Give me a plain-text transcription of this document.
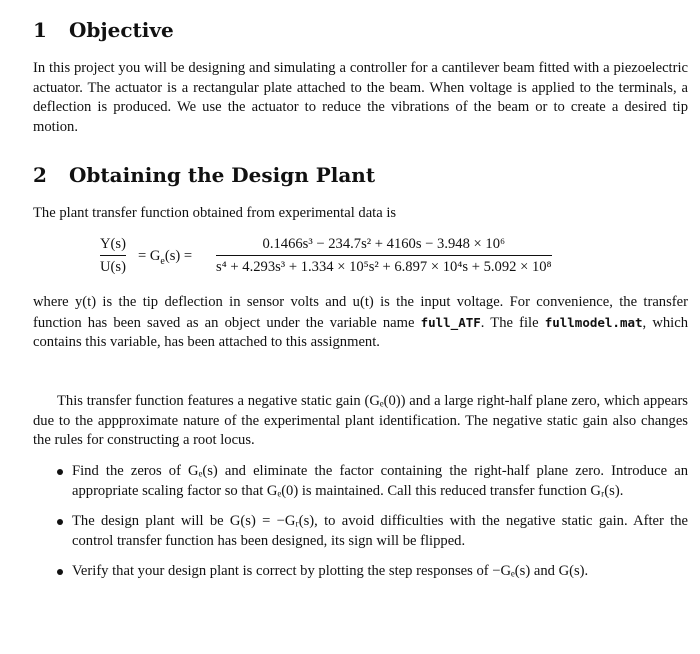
1 Objective

In this project you will be designing and simulating a controller for a cantilever beam fitted with a piezoelectric actuator. The actuator is a rectangular plate attached to the beam. When voltage is applied to the terminals, a deflection is produced. We use the actuator to reduce the vibrations of the beam or to create a desired tip motion.

2 Obtaining the Design Plant

The plant transfer function obtained from experimental data is

Y(s)
U(s)
= $G_e(s)$ =
0.1466s³ − 234.7s² + 4160s − 3.948 × 10⁶
s⁴ + 4.293s³ + 1.334 × 10⁵s² + 6.897 × 10⁴s + 5.092 × 10⁸

where y(t) is the tip deflection in sensor volts and u(t) is the input voltage. For convenience, the transfer function has been saved as an object under the variable name full_ATF. The file fullmodel.mat, which contains this variable, has been attached to this assignment.

This transfer function features a negative static gain (Gₑ(0)) and a large right-half plane zero, which appears due to the appproximate nature of the experimental plant identification. The negative static gain also changes the rules for constructing a root locus.

Find the zeros of Gₑ(s) and eliminate the factor containing the right-half plane zero. Introduce an appropriate scaling factor so that Gₑ(0) is maintained. Call this reduced transfer function Gᵣ(s).
The design plant will be G(s) = −Gᵣ(s), to avoid difficulties with the negative static gain. After the control transfer function has been designed, its sign will be flipped.
Verify that your design plant is correct by plotting the step responses of −Gₑ(s) and G(s).
